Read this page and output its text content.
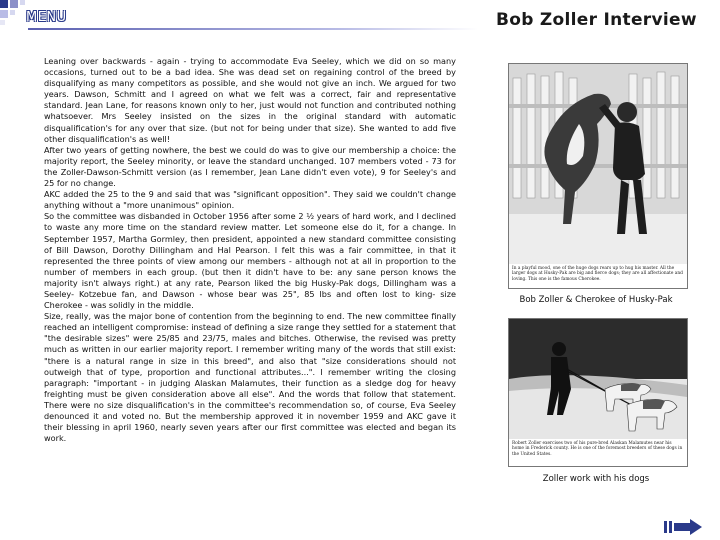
MENU	Bob Zoller Interview

Leaning over backwards - again - trying to accommodate Eva Seeley, which we did on so many occasions, turned out to be a bad idea. She was dead set on regaining control of the breed by disqualifying as many competitors as possible, and she would not give an inch. We argued for two years. Dawson, Schmitt and I agreed on what we felt was a correct, fair and representative standard. Jean Lane, for reasons known only to her, just would not function and contributed nothing whatsoever. Mrs Seeley insisted on the sizes in the original standard with automatic disqualification's for any over that size. (but not for being under that size). She wanted to add five other disqualification's as well!

After two years of getting nowhere, the best we could do was to give our membership a choice: the majority report, the Seeley minority, or leave the standard unchanged. 107 members voted - 73 for the Zoller-Dawson-Schmitt version (as I remember, Jean Lane didn't even vote), 9 for Seeley's and 25 for no change.

AKC added the 25 to the 9 and said that was "significant opposition". They said we couldn't change anything without a "more unanimous" opinion.

So the committee was disbanded in October 1956 after some 2 ½ years of hard work, and I declined to waste any more time on the standard review matter. Let someone else do it, for a change. In September 1957, Martha Gormley, then president, appointed a new standard committee consisting of Bill Dawson, Dorothy Dillingham and Hal Pearson. I felt this was a fair committee, in that it represented the three points of view among our members - although not at all in proportion to the number of members in each group. (but then it didn't have to be: any sane person knows the majority isn't always right.) at any rate, Pearson liked the big Husky-Pak dogs, Dillingham was a Seeley- Kotzebue fan, and Dawson - whose bear was 25", 85 lbs and often lost to king- size Cherokee - was solidly in the middle.

Size, really, was the major bone of contention from the beginning to end. The new committee finally reached an intelligent compromise: instead of defining a size range they settled for a statement that "the desirable sizes" were 25/85 and 23/75, males and bitches. Otherwise, the revised was pretty much as written in our earlier majority report. I remember writing many of the words that still exist: "there is a natural range in size in this breed", and also that "size considerations should not outweigh that of type, proportion and functional attributes...". I remember writing the closing paragraph: "important - in judging Alaskan Malamutes, their function as a sledge dog for heavy freighting must be given consideration above all else". And the words that follow that statement. There were no size disqualification's in the committee's recommendation so, of course, Eva Seeley denounced it and voted no. But the membership approved it in november 1959 and AKC gave it their blessing in april 1960, nearly seven years after our first committee was elected and began its work.

In a playful mood, one of the huge dogs rears up to hug his master. All the larger dogs at Husky-Pak are big and fierce dogs; they are all affectionate and loving. This one is the famous Cherokee.
Bob Zoller & Cherokee of Husky-Pak
Robert Zoller exercises two of his pure-bred Alaskan Malamutes near his home in Frederick county. He is one of the foremost breeders of these dogs in the United States.
Zoller work with his dogs
